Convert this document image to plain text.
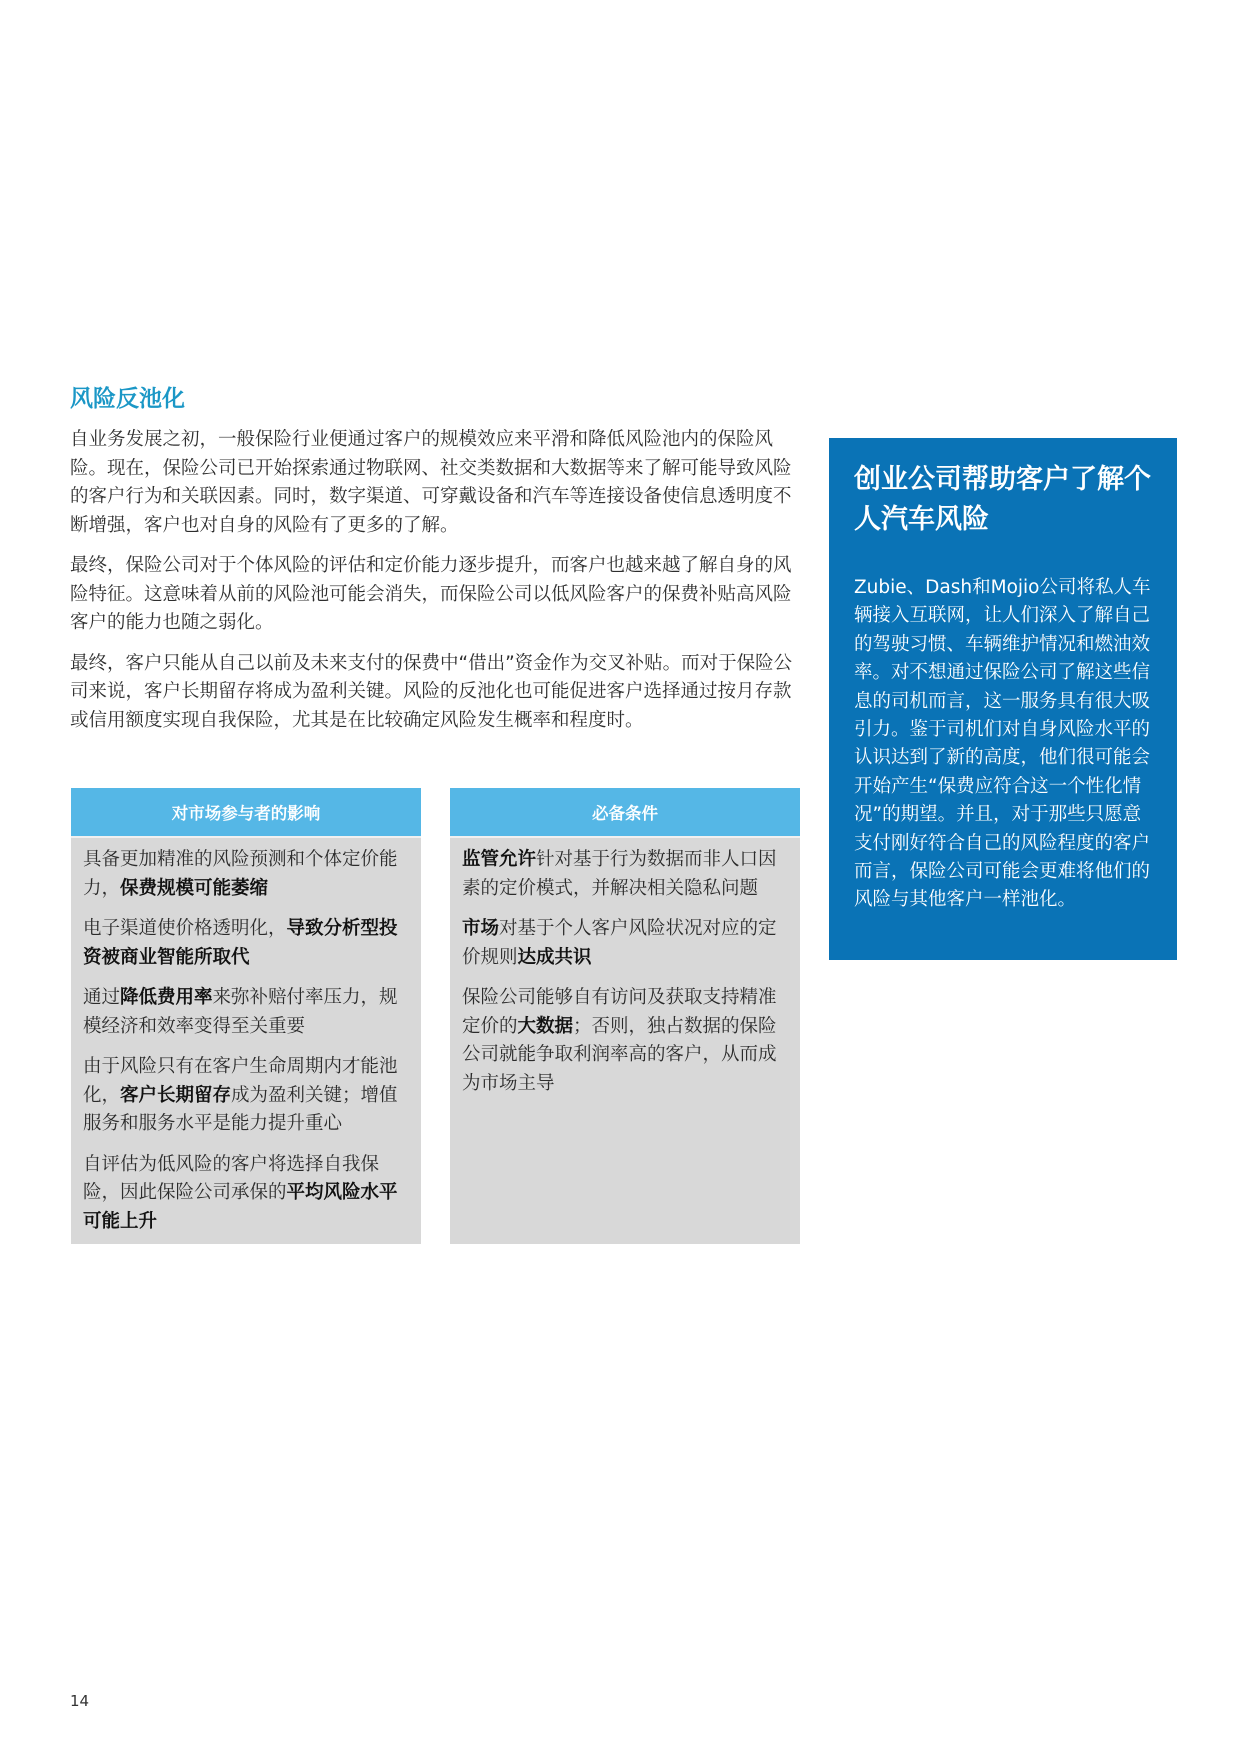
风险反池化

自业务发展之初，一般保险行业便通过客户的规模效应来平滑和降低风险池内的保险风险。现在，保险公司已开始探索通过物联网、社交类数据和大数据等来了解可能导致风险的客户行为和关联因素。同时，数字渠道、可穿戴设备和汽车等连接设备使信息透明度不断增强，客户也对自身的风险有了更多的了解。

最终，保险公司对于个体风险的评估和定价能力逐步提升，而客户也越来越了解自身的风险特征。这意味着从前的风险池可能会消失，而保险公司以低风险客户的保费补贴高风险客户的能力也随之弱化。

最终，客户只能从自己以前及未来支付的保费中“借出”资金作为交叉补贴。而对于保险公司来说，客户长期留存将成为盈利关键。风险的反池化也可能促进客户选择通过按月存款或信用额度实现自我保险，尤其是在比较确定风险发生概率和程度时。

对市场参与者的影响

具备更加精准的风险预测和个体定价能力，保费规模可能萎缩

电子渠道使价格透明化，导致分析型投资被商业智能所取代

通过降低费用率来弥补赔付率压力，规模经济和效率变得至关重要

由于风险只有在客户生命周期内才能池化，客户长期留存成为盈利关键；增值服务和服务水平是能力提升重心

自评估为低风险的客户将选择自我保险，因此保险公司承保的平均风险水平可能上升

必备条件

监管允许针对基于行为数据而非人口因素的定价模式，并解决相关隐私问题

市场对基于个人客户风险状况对应的定价规则达成共识

保险公司能够自有访问及获取支持精准定价的大数据；否则，独占数据的保险公司就能争取利润率高的客户，从而成为市场主导

创业公司帮助客户了解个人汽车风险

Zubie、Dash和Mojio公司将私人车辆接入互联网，让人们深入了解自己的驾驶习惯、车辆维护情况和燃油效率。对不想通过保险公司了解这些信息的司机而言，这一服务具有很大吸引力。鉴于司机们对自身风险水平的认识达到了新的高度，他们很可能会开始产生“保费应符合这一个性化情况”的期望。并且，对于那些只愿意支付刚好符合自己的风险程度的客户而言，保险公司可能会更难将他们的风险与其他客户一样池化。

14
